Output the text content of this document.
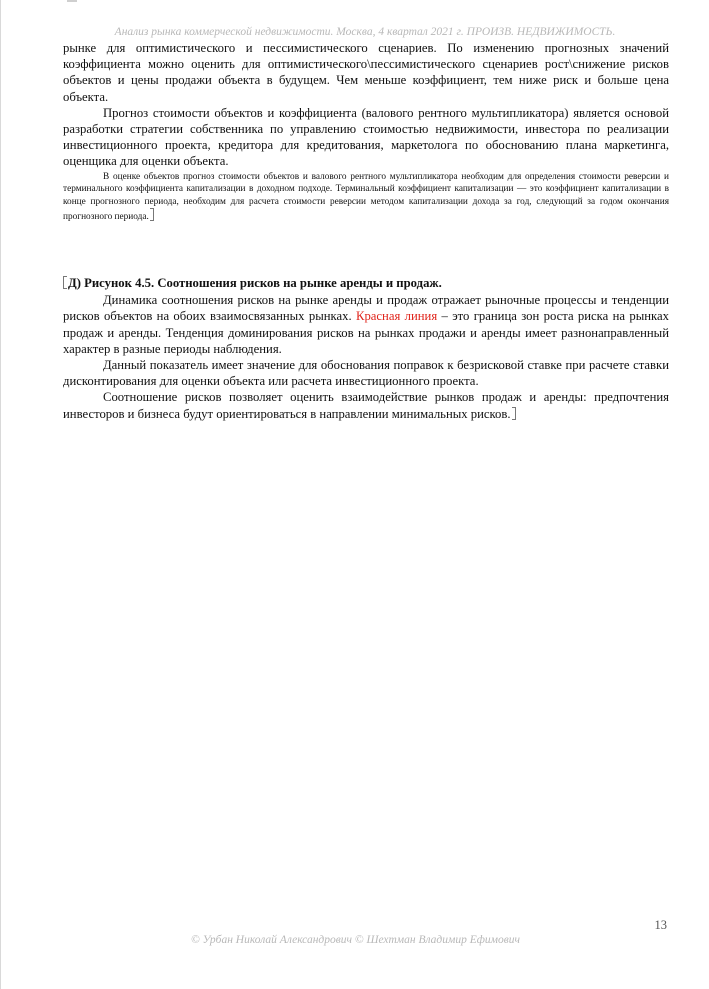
Анализ рынка коммерческой недвижимости. Москва, 4 квартал 2021 г. ПРОИЗВ. НЕДВИЖИМОСТЬ.

рынке для оптимистического и пессимистического сценариев. По изменению прогнозных значений коэффициента можно оценить для оптимистического\пессимистического сценариев рост\снижение рисков объектов и цены продажи объекта в будущем. Чем меньше коэффициент, тем ниже риск и больше цена объекта.

Прогноз стоимости объектов и коэффициента (валового рентного мультипликатора) является основой разработки стратегии собственника по управлению стоимостью недвижимости, инвестора по реализации инвестиционного проекта, кредитора для кредитования, маркетолога по обоснованию плана маркетинга, оценщика для оценки объекта.

В оценке объектов прогноз стоимости объектов и валового рентного мультипликатора необходим для определения стоимости реверсии и терминального коэффициента капитализации в доходном подходе. Терминальный коэффициент капитализации — это коэффициент капитализации в конце прогнозного периода, необходим для расчета стоимости реверсии методом капитализации дохода за год, следующий за годом окончания прогнозного периода.

Д) Рисунок 4.5. Соотношения рисков на рынке аренды и продаж.

Динамика соотношения рисков на рынке аренды и продаж отражает рыночные процессы и тенденции рисков объектов на обоих взаимосвязанных рынках. Красная линия – это граница зон роста риска на рынках продаж и аренды. Тенденция доминирования рисков на рынках продажи и аренды имеет разнонаправленный характер в разные периоды наблюдения.

Данный показатель имеет значение для обоснования поправок к безрисковой ставке при расчете ставки дисконтирования для оценки объекта или расчета инвестиционного проекта.

Соотношение рисков позволяет оценить взаимодействие рынков продаж и аренды: предпочтения инвесторов и бизнеса будут ориентироваться в направлении минимальных рисков.

13
© Урбан Николай Александрович © Шехтман Владимир Ефимович
